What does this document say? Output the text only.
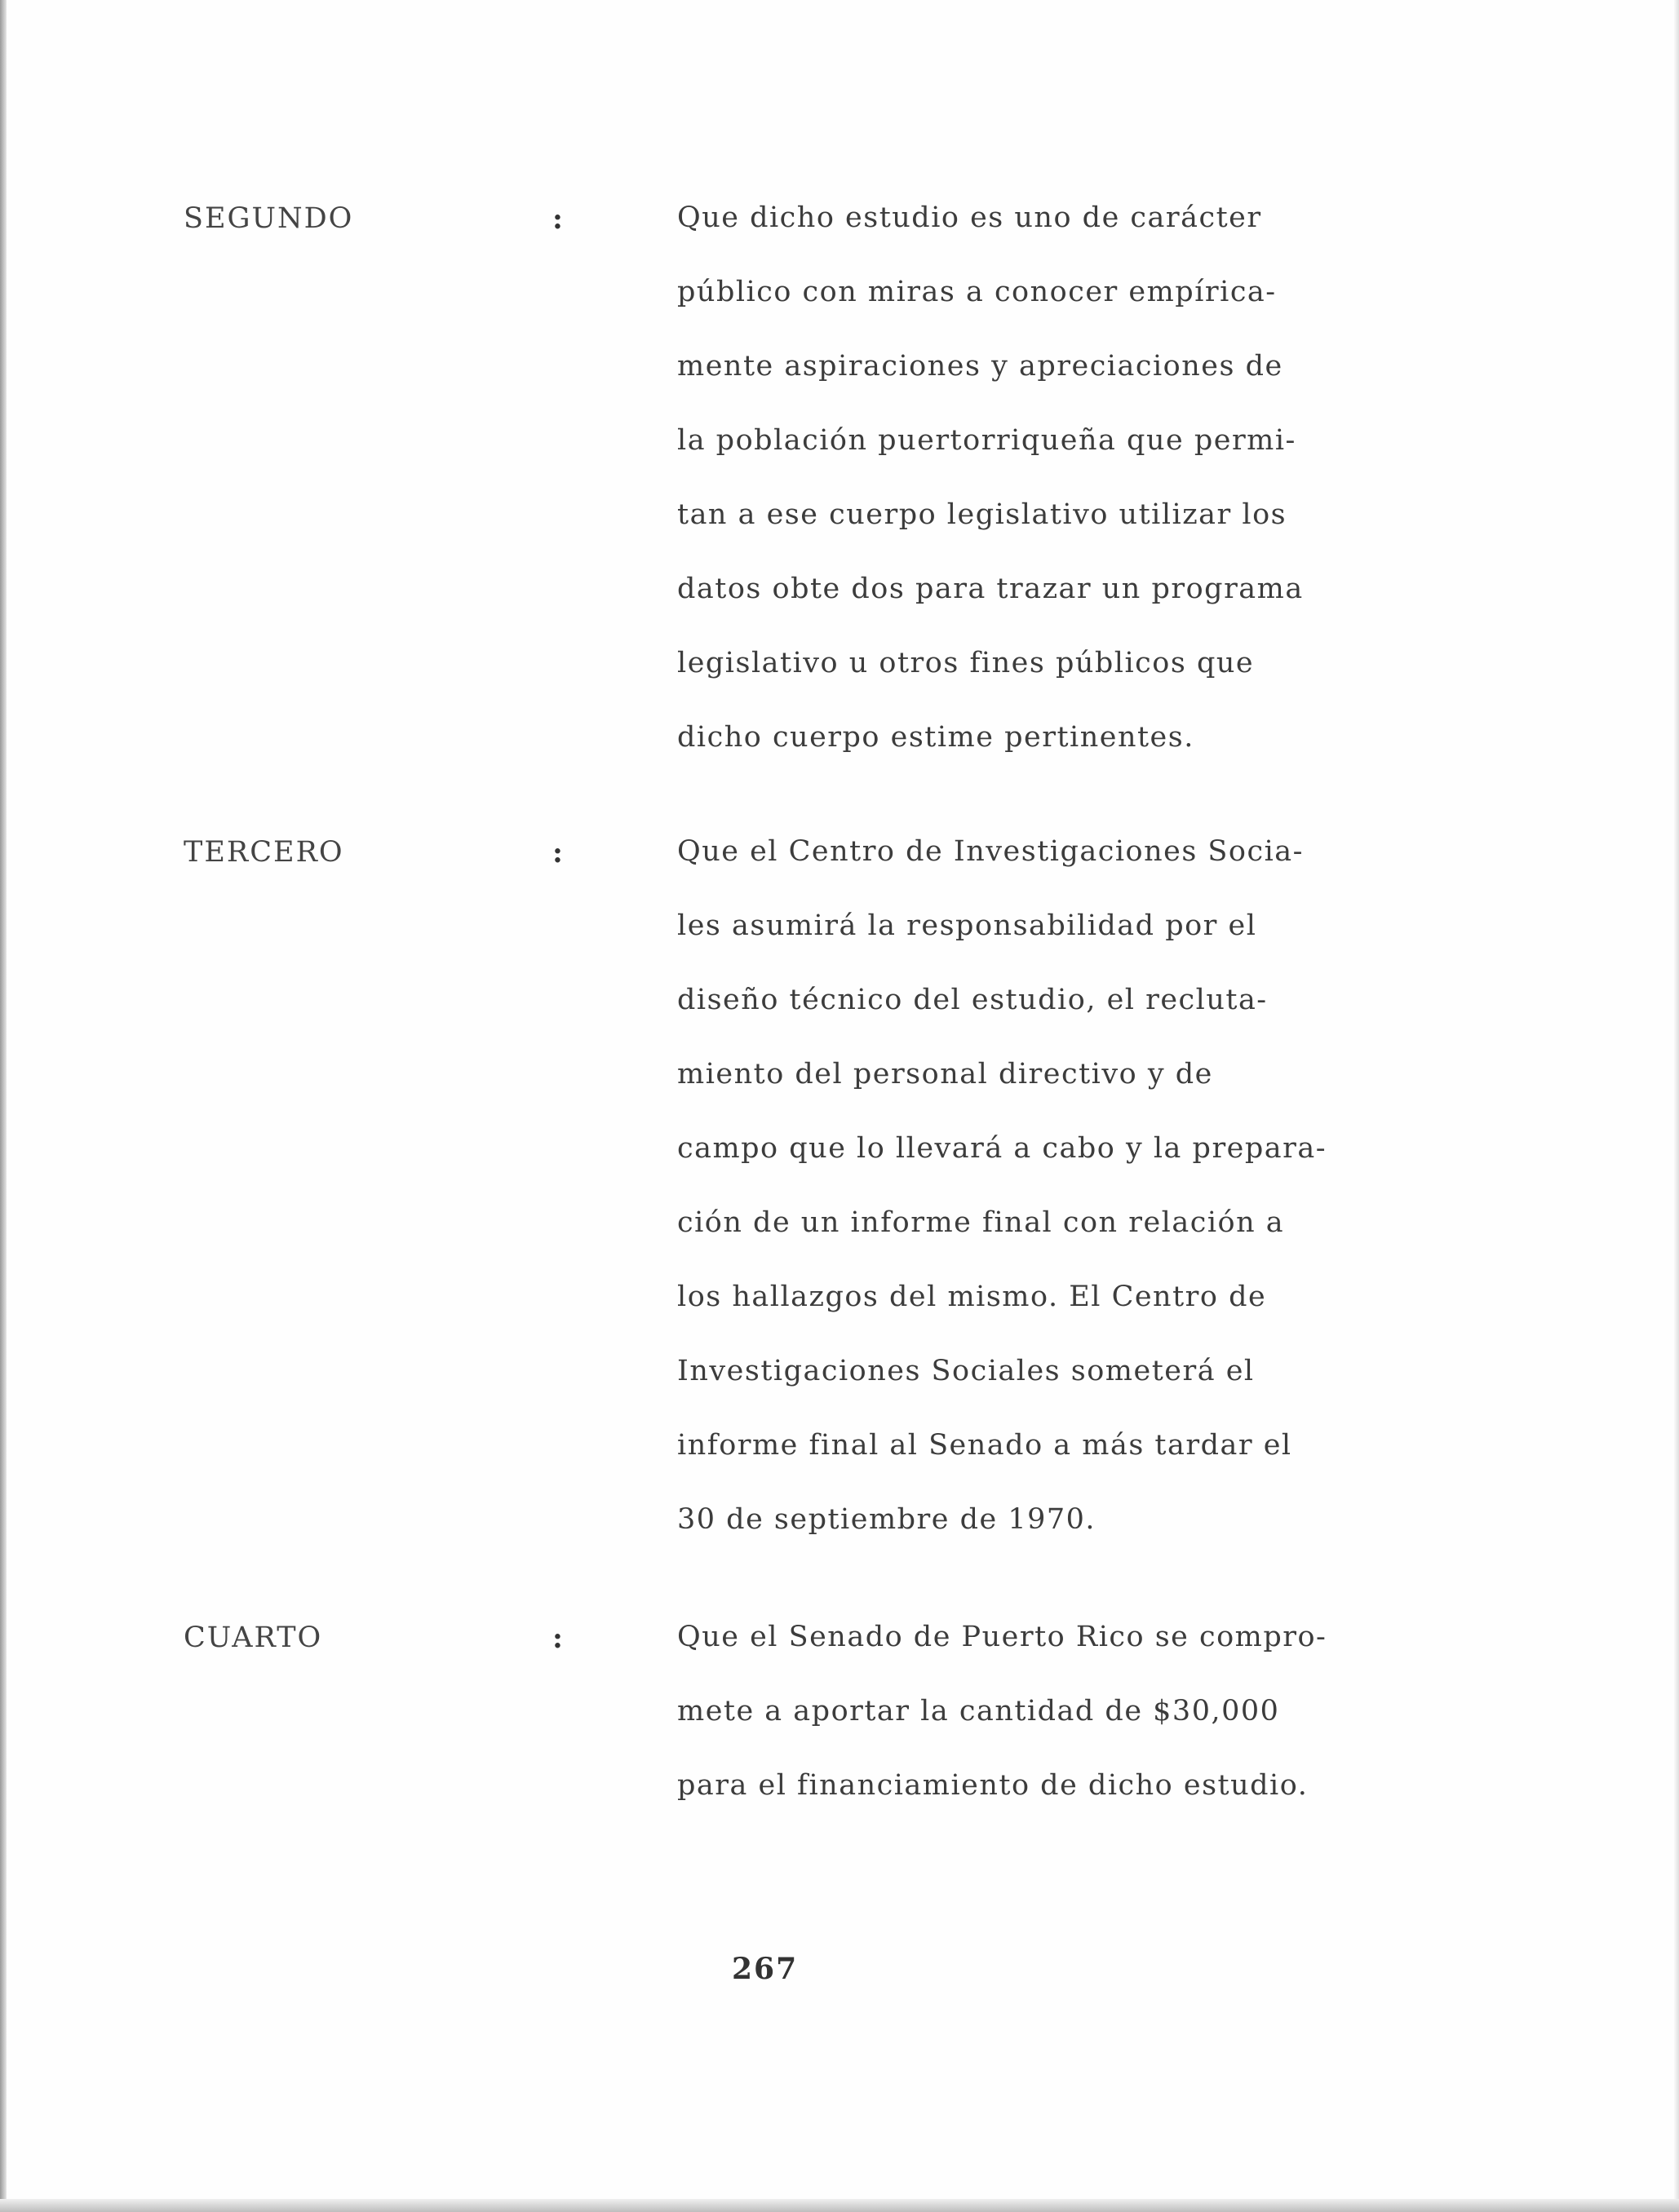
SEGUNDO	:	Que dicho estudio es uno de carácter
público con miras a conocer empírica-
mente aspiraciones y apreciaciones de
la población puertorriqueña que permi-
tan a ese cuerpo legislativo utilizar los
datos obte dos para trazar un programa
legislativo u otros fines públicos que
dicho cuerpo estime pertinentes.
TERCERO	:	Que el Centro de Investigaciones Socia-
les asumirá la responsabilidad por el
diseño técnico del estudio, el recluta-
miento del personal directivo y de
campo que lo llevará a cabo y la prepara-
ción de un informe final con relación a
los hallazgos del mismo. El Centro de
Investigaciones Sociales someterá el
informe final al Senado a más tardar el
30 de septiembre de 1970.
CUARTO	:	Que el Senado de Puerto Rico se compro-
mete a aportar la cantidad de $30,000
para el financiamiento de dicho estudio.
267
